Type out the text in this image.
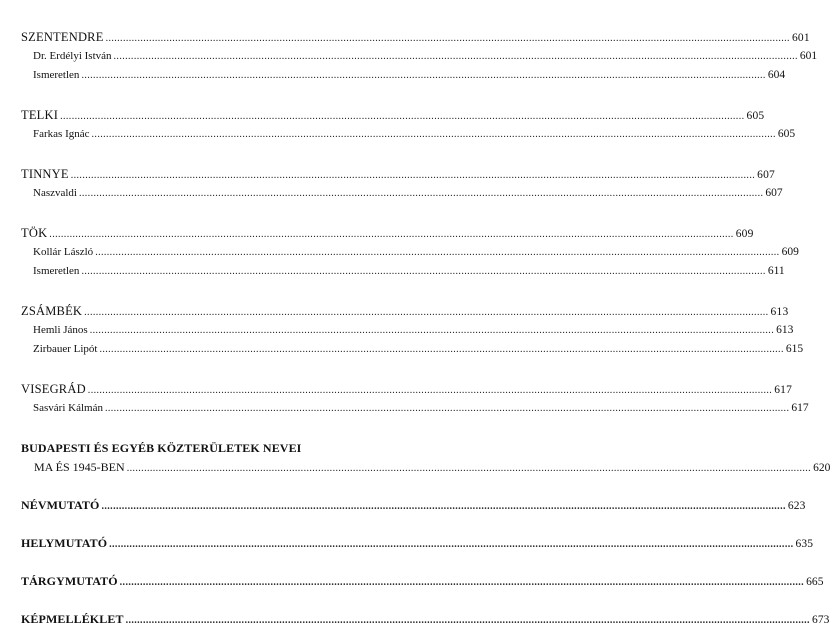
SZENTENDRE ............................................................................................................................................................................................................................................ 601
Dr. Erdélyi István ............................................................................................................................................................................................................................................ 601
Ismeretlen ............................................................................................................................................................................................................................................ 604
TELKI ............................................................................................................................................................................................................................................ 605
Farkas Ignác ............................................................................................................................................................................................................................................ 605
TINNYE ............................................................................................................................................................................................................................................ 607
Naszvaldi ............................................................................................................................................................................................................................................ 607
TÖK ............................................................................................................................................................................................................................................ 609
Kollár László ............................................................................................................................................................................................................................................ 609
Ismeretlen ............................................................................................................................................................................................................................................ 611
ZSÁMBÉK ............................................................................................................................................................................................................................................ 613
Hemli János ............................................................................................................................................................................................................................................ 613
Zirbauer Lipót ............................................................................................................................................................................................................................................ 615
VISEGRÁD ............................................................................................................................................................................................................................................ 617
Sasvári Kálmán ............................................................................................................................................................................................................................................ 617
BUDAPESTI ÉS EGYÉB KÖZTERÜLETEK NEVEI
MA ÉS 1945-BEN ............................................................................................................................................................................................................................................ 620
NÉVMUTATÓ ............................................................................................................................................................................................................................................ 623
HELYMUTATÓ ............................................................................................................................................................................................................................................ 635
TÁRGYMUTATÓ ............................................................................................................................................................................................................................................ 665
KÉPMELLÉKLET ............................................................................................................................................................................................................................................ 673
